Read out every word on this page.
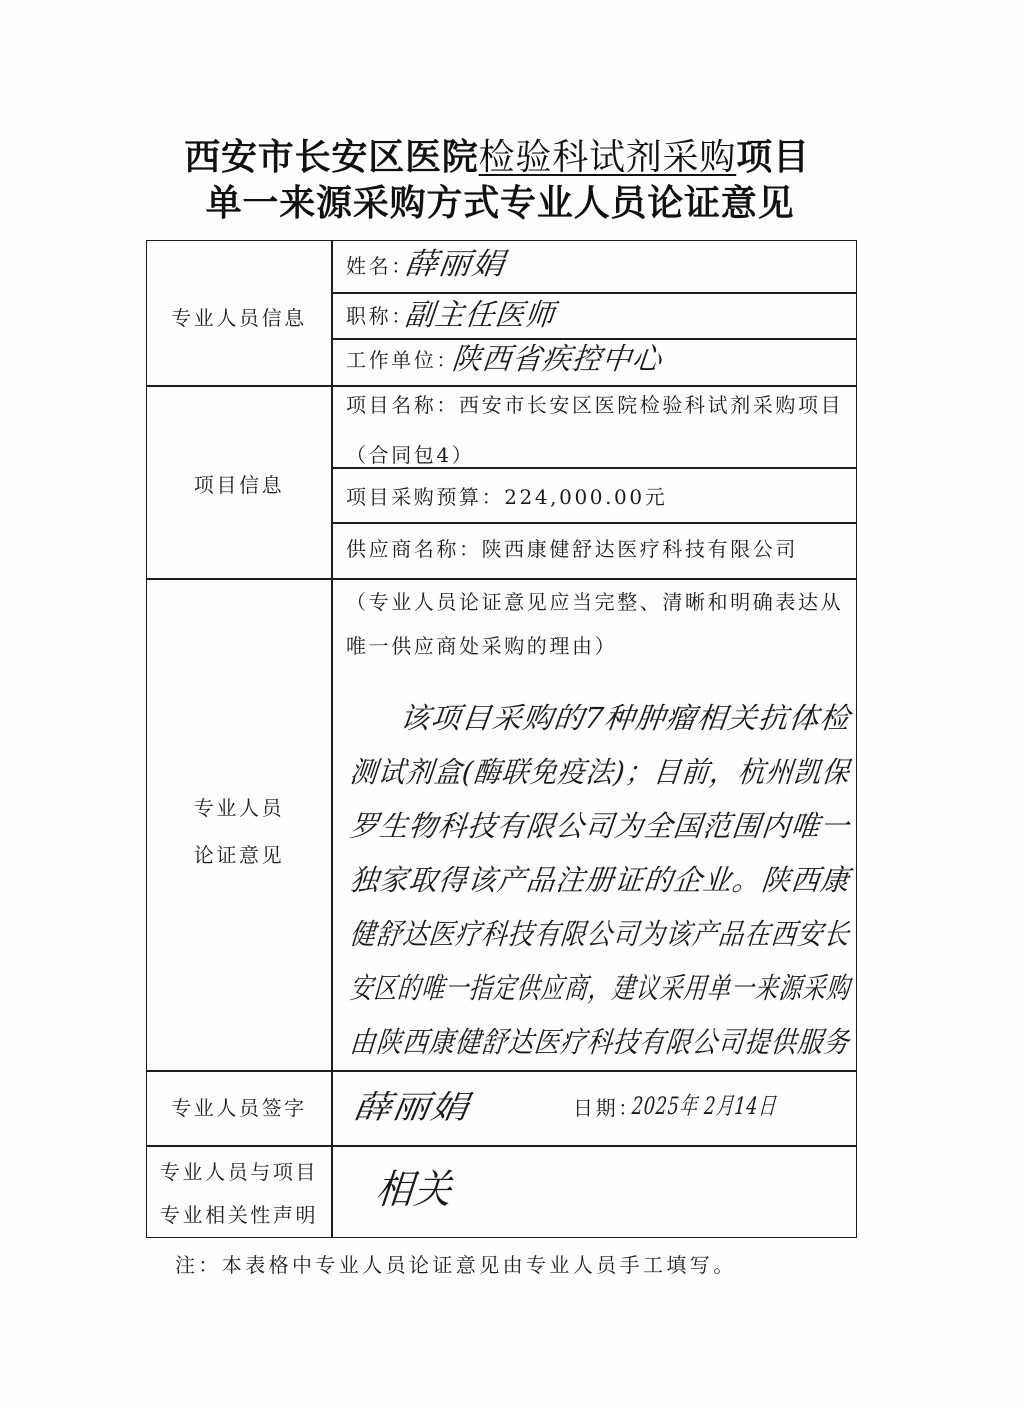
西安市长安区医院检验科试剂采购项目
单一来源采购方式专业人员论证意见
专业人员信息
姓名：
薛丽娟
职称：
副主任医师
工作单位：
陕西省疾控中心
项目信息
项目名称：西安市长安区医院检验科试剂采购项目
（合同包4）
项目采购预算：224,000.00元
供应商名称：陕西康健舒达医疗科技有限公司
专业人员
论证意见
（专业人员论证意见应当完整、清晰和明确表达从
唯一供应商处采购的理由）
该项目采购的7种肿瘤相关抗体检
测试剂盒(酶联免疫法)；目前，杭州凯保
罗生物科技有限公司为全国范围内唯一
独家取得该产品注册证的企业。陕西康
健舒达医疗科技有限公司为该产品在西安长
安区的唯一指定供应商，建议采用单一来源采购
由陕西康健舒达医疗科技有限公司提供服务
专业人员签字	薛丽娟	日期：
2025年 2月14日
专业人员与项目
专业相关性声明
相关
注：本表格中专业人员论证意见由专业人员手工填写。
